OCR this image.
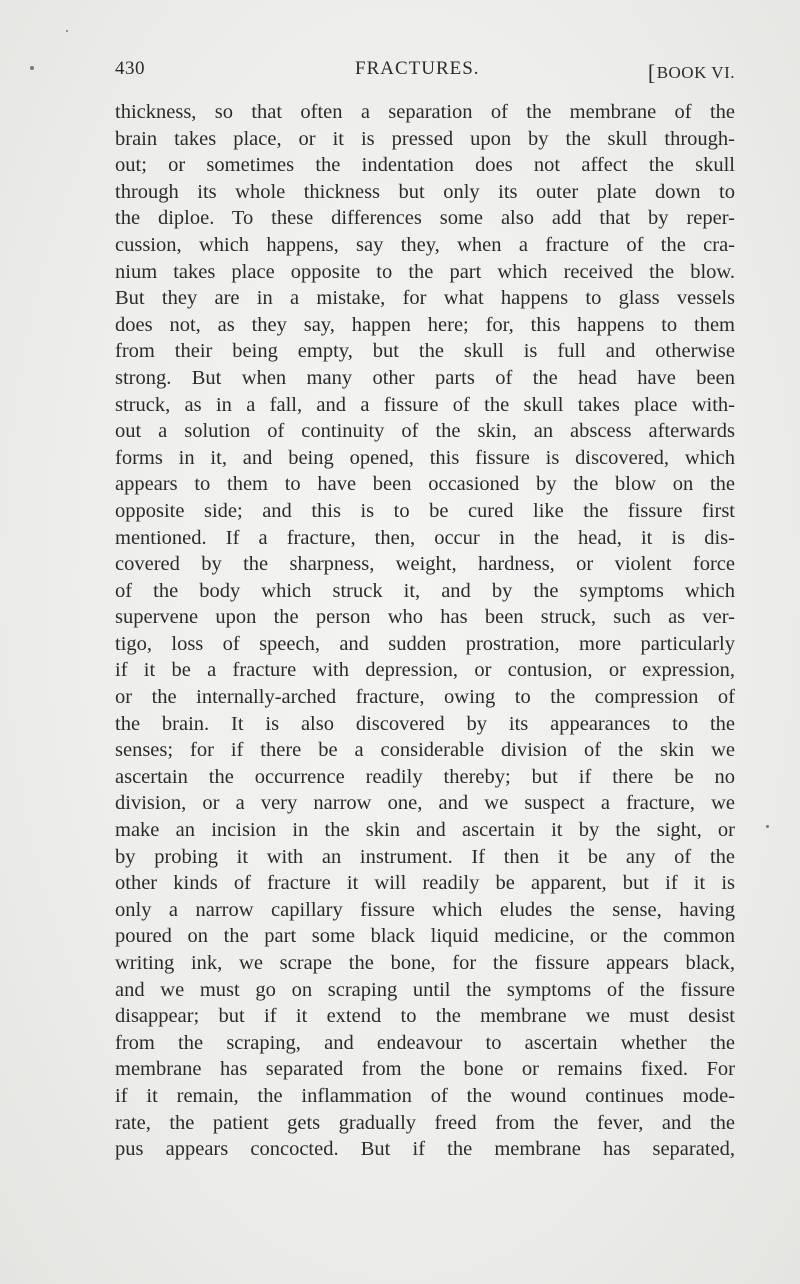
430	FRACTURES.	[BOOK VI.
thickness, so that often a separation of the membrane of the
brain takes place, or it is pressed upon by the skull through-
out; or sometimes the indentation does not affect the skull
through its whole thickness but only its outer plate down to
the diploe. To these differences some also add that by reper-
cussion, which happens, say they, when a fracture of the cra-
nium takes place opposite to the part which received the blow.
But they are in a mistake, for what happens to glass vessels
does not, as they say, happen here; for, this happens to them
from their being empty, but the skull is full and otherwise
strong. But when many other parts of the head have been
struck, as in a fall, and a fissure of the skull takes place with-
out a solution of continuity of the skin, an abscess afterwards
forms in it, and being opened, this fissure is discovered, which
appears to them to have been occasioned by the blow on the
opposite side; and this is to be cured like the fissure first
mentioned. If a fracture, then, occur in the head, it is dis-
covered by the sharpness, weight, hardness, or violent force
of the body which struck it, and by the symptoms which
supervene upon the person who has been struck, such as ver-
tigo, loss of speech, and sudden prostration, more particularly
if it be a fracture with depression, or contusion, or expression,
or the internally-arched fracture, owing to the compression of
the brain. It is also discovered by its appearances to the
senses; for if there be a considerable division of the skin we
ascertain the occurrence readily thereby; but if there be no
division, or a very narrow one, and we suspect a fracture, we
make an incision in the skin and ascertain it by the sight, or
by probing it with an instrument. If then it be any of the
other kinds of fracture it will readily be apparent, but if it is
only a narrow capillary fissure which eludes the sense, having
poured on the part some black liquid medicine, or the common
writing ink, we scrape the bone, for the fissure appears black,
and we must go on scraping until the symptoms of the fissure
disappear; but if it extend to the membrane we must desist
from the scraping, and endeavour to ascertain whether the
membrane has separated from the bone or remains fixed. For
if it remain, the inflammation of the wound continues mode-
rate, the patient gets gradually freed from the fever, and the
pus appears concocted. But if the membrane has separated,
